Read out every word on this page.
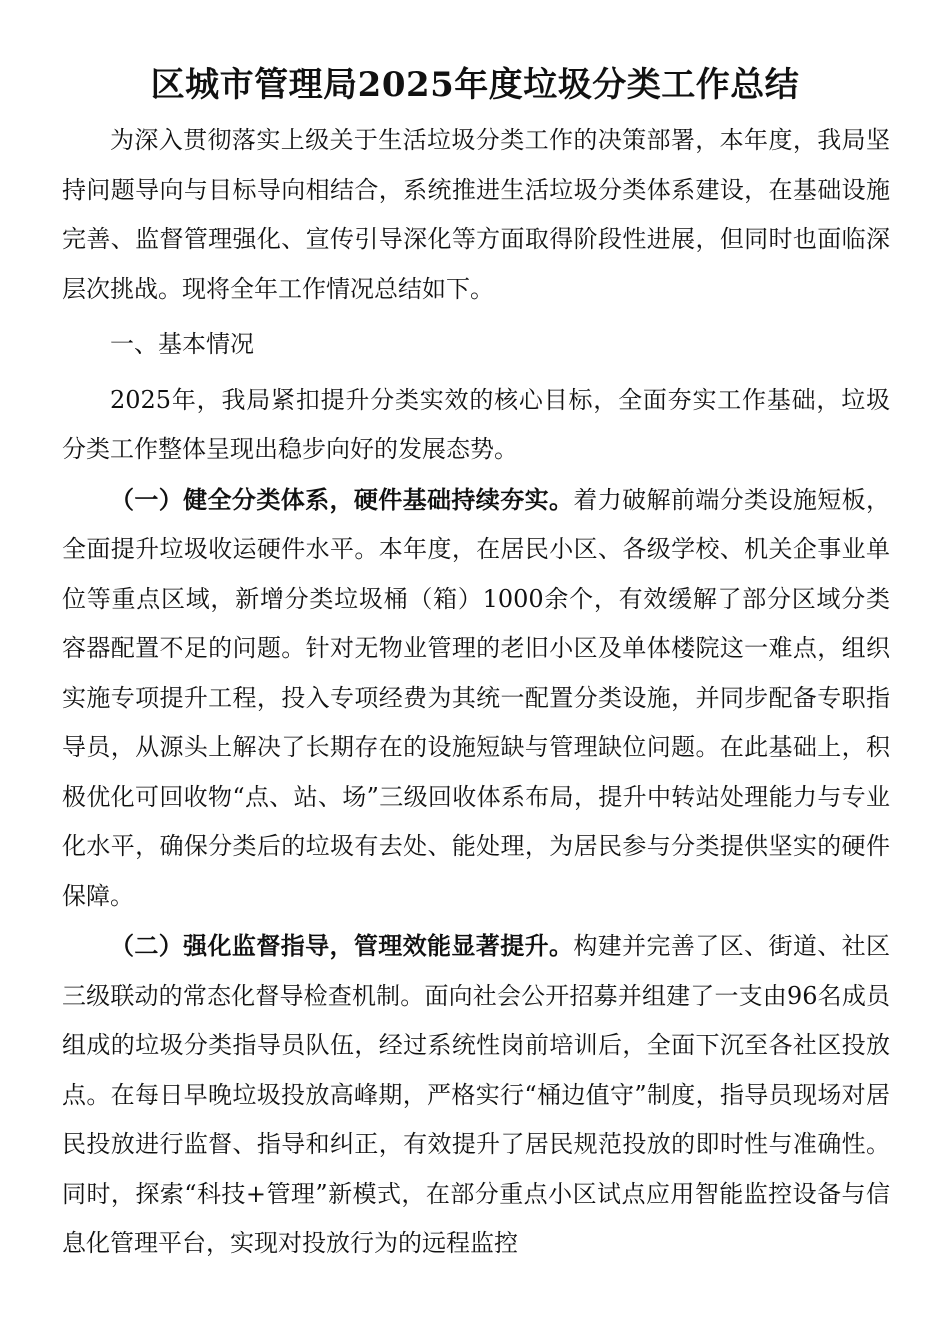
区城市管理局2025年度垃圾分类工作总结

为深入贯彻落实上级关于生活垃圾分类工作的决策部署，本年度，我局坚持问题导向与目标导向相结合，系统推进生活垃圾分类体系建设，在基础设施完善、监督管理强化、宣传引导深化等方面取得阶段性进展，但同时也面临深层次挑战。现将全年工作情况总结如下。

一、基本情况

2025年，我局紧扣提升分类实效的核心目标，全面夯实工作基础，垃圾分类工作整体呈现出稳步向好的发展态势。

（一）健全分类体系，硬件基础持续夯实。着力破解前端分类设施短板，全面提升垃圾收运硬件水平。本年度，在居民小区、各级学校、机关企事业单位等重点区域，新增分类垃圾桶（箱）1000余个，有效缓解了部分区域分类容器配置不足的问题。针对无物业管理的老旧小区及单体楼院这一难点，组织实施专项提升工程，投入专项经费为其统一配置分类设施，并同步配备专职指导员，从源头上解决了长期存在的设施短缺与管理缺位问题。在此基础上，积极优化可回收物“点、站、场”三级回收体系布局，提升中转站处理能力与专业化水平，确保分类后的垃圾有去处、能处理，为居民参与分类提供坚实的硬件保障。

（二）强化监督指导，管理效能显著提升。构建并完善了区、街道、社区三级联动的常态化督导检查机制。面向社会公开招募并组建了一支由96名成员组成的垃圾分类指导员队伍，经过系统性岗前培训后，全面下沉至各社区投放点。在每日早晚垃圾投放高峰期，严格实行“桶边值守”制度，指导员现场对居民投放进行监督、指导和纠正，有效提升了居民规范投放的即时性与准确性。同时，探索“科技+管理”新模式，在部分重点小区试点应用智能监控设备与信息化管理平台，实现对投放行为的远程监控
